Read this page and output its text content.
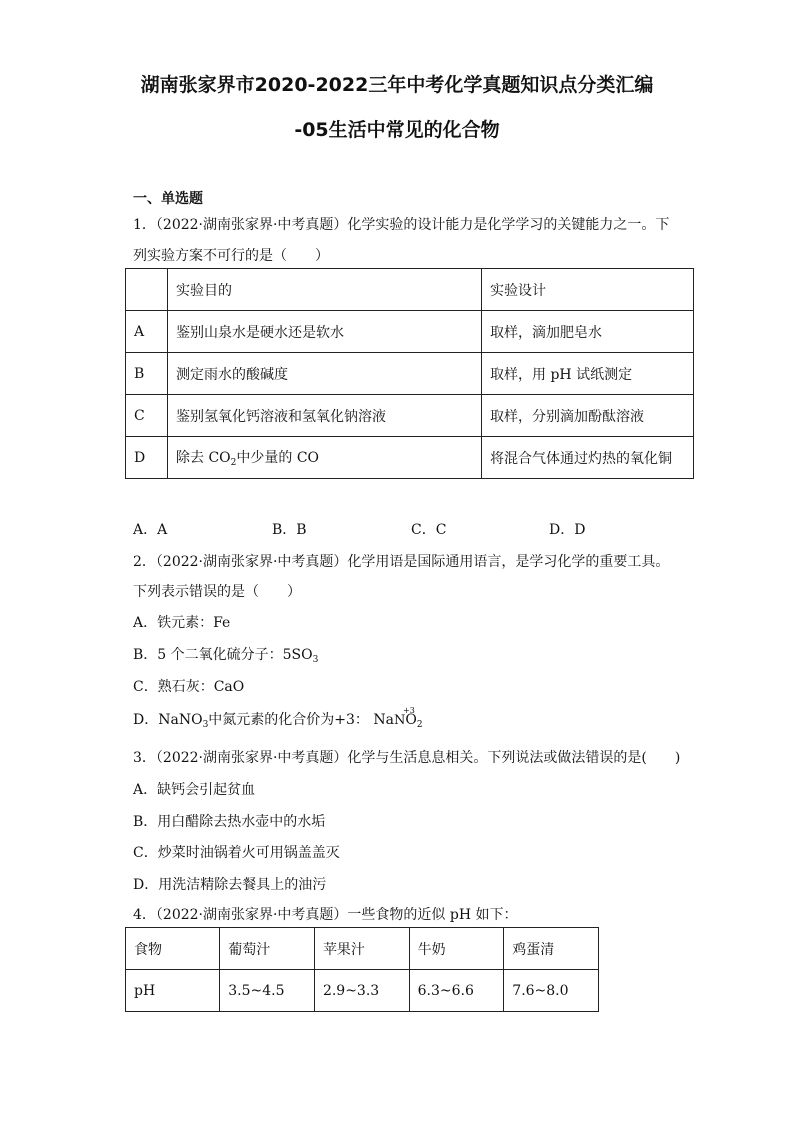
湖南张家界市2020-2022三年中考化学真题知识点分类汇编
-05生活中常见的化合物
一、单选题
1．（2022·湖南张家界·中考真题）化学实验的设计能力是化学学习的关键能力之一。下
列实验方案不可行的是（　　）
	实验目的	实验设计
A	鉴别山泉水是硬水还是软水	取样，滴加肥皂水
B	测定雨水的酸碱度	取样，用 pH 试纸测定
C	鉴别氢氧化钙溶液和氢氧化钠溶液	取样，分别滴加酚酞溶液
D	除去 $CO_2$中少量的 CO	将混合气体通过灼热的氧化铜
A．A	B．B	C．C	D．D
2．（2022·湖南张家界·中考真题）化学用语是国际通用语言，是学习化学的重要工具。
下列表示错误的是（　　）
A．铁元素：Fe
B．5 个二氧化硫分子：$5SO_3$
C．熟石灰：CaO
D．NaNO$_3$中氮元素的化合价为+3： Na
+3
$NO_2$
3．（2022·湖南张家界·中考真题）化学与生活息息相关。下列说法或做法错误的是(　　)
A．缺钙会引起贫血
B．用白醋除去热水壶中的水垢
C．炒菜时油锅着火可用锅盖盖灭
D．用洗洁精除去餐具上的油污
4．（2022·湖南张家界·中考真题）一些食物的近似 pH 如下：
食物	葡萄汁	苹果汁	牛奶	鸡蛋清
pH	3.5~4.5	2.9~3.3	6.3~6.6	7.6~8.0
